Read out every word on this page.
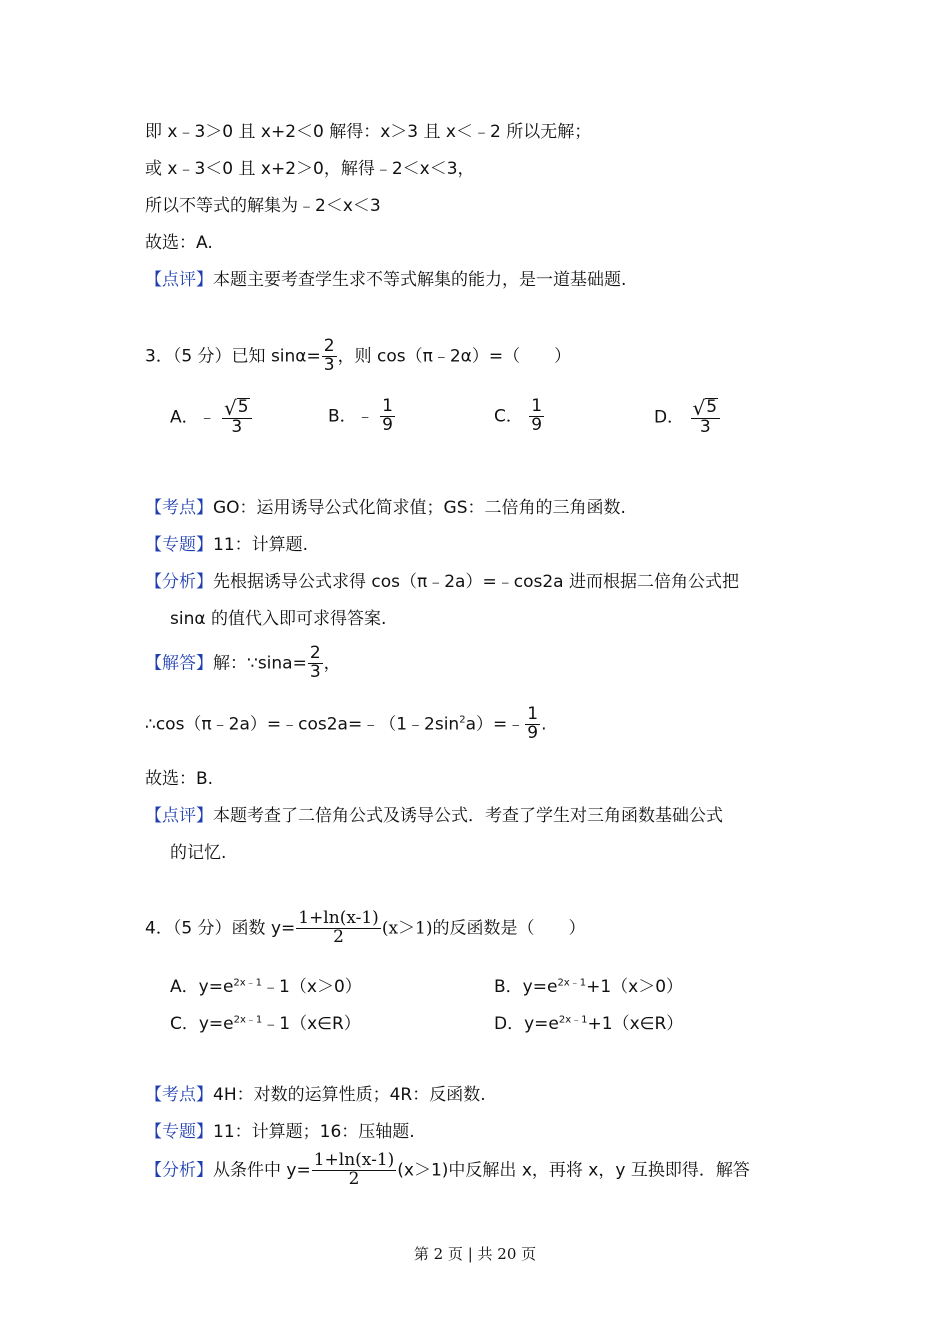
即 x﹣3＞0 且 x+2＜0 解得：x＞3 且 x＜﹣2 所以无解；
或 x﹣3＜0 且 x+2＞0，解得﹣2＜x＜3，
所以不等式的解集为﹣2＜x＜3
故选：A.
【点评】本题主要考查学生求不等式解集的能力，是一道基础题.
3．（5 分）已知 $\sin\alpha= \frac{2}{3}$ ，则 cos（π﹣2α）=（　　）
A．﹣ $\frac{√ 5}{3}$	B．﹣ $\frac{1}{9}$	C． $\frac{1}{9}$	D． $\frac{√ 5}{3}$
【考点】GO：运用诱导公式化简求值；GS：二倍角的三角函数.
【专题】11：计算题.
【分析】先根据诱导公式求得 cos（π﹣2a）=﹣cos2a 进而根据二倍角公式把
sinα 的值代入即可求得答案.
【解答】解：∵sina= $\frac{2}{3}$ ，
$\therefore\cos(\pi﹣2a)=﹣\cos 2a=﹣(1﹣2\sin^2a)=﹣ \frac{1}{9}$ .
故选：B.
【点评】本题考查了二倍角公式及诱导公式．考查了学生对三角函数基础公式
的记忆.
4．（5 分）函数 $y= \frac{1+\ln(x-1)}{2} (x>1)$的反函数是（　　）
A．$y=e^{2x﹣1}﹣1(x>0)$	B．$y=e^{2x﹣1}+1(x>0)$
C．$y=e^{2x﹣1}﹣1(x\in R)$	D．$y=e^{2x﹣1}+1(x\in R)$
【考点】4H：对数的运算性质；4R：反函数.
【专题】11：计算题；16：压轴题.
【分析】从条件中 $y= \frac{1+\ln(x-1)}{2} (x>1)$中反解出 x，再将 x，y 互换即得．解答
第 2 页 | 共 20 页
